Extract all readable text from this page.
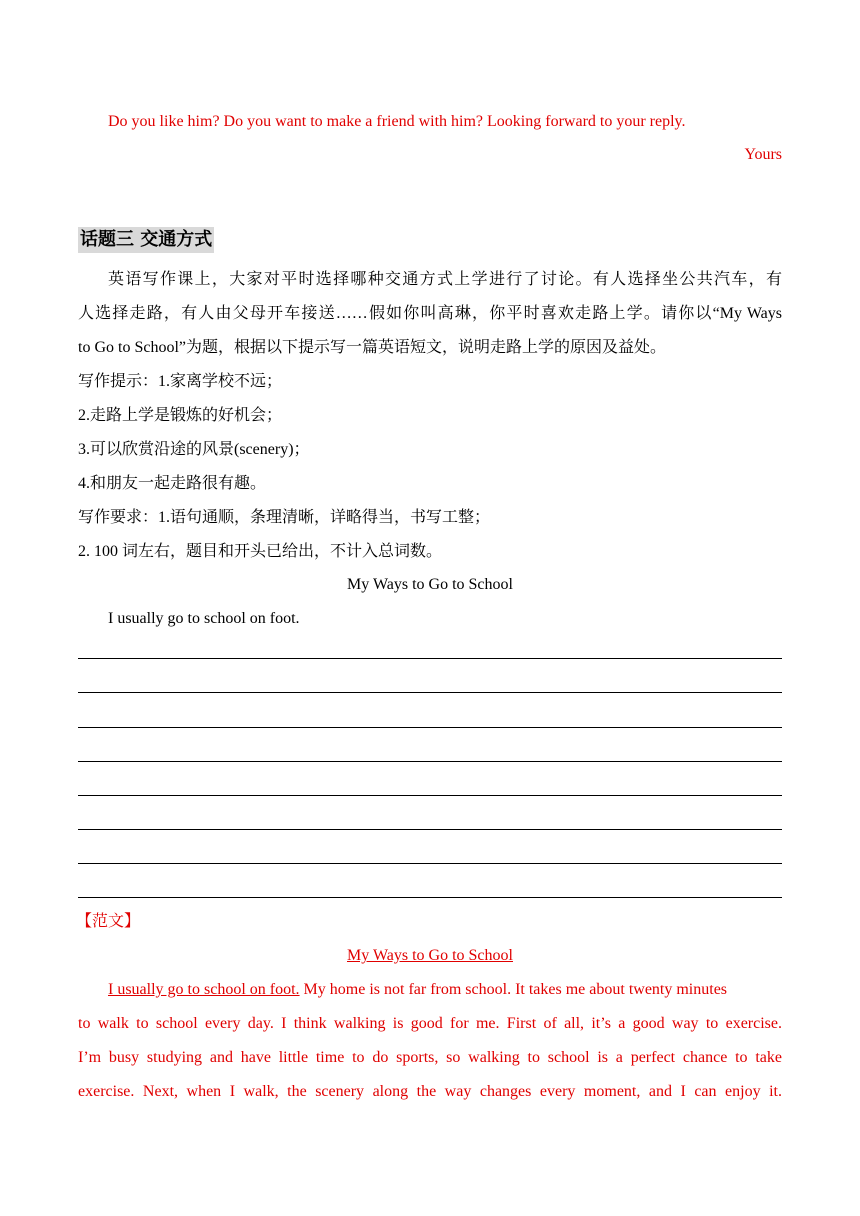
Do you like him? Do you want to make a friend with him? Looking forward to your reply.
Yours
话题三 交通方式
英语写作课上，大家对平时选择哪种交通方式上学进行了讨论。有人选择坐公共汽车，有
人选择走路，有人由父母开车接送……假如你叫高琳，你平时喜欢走路上学。请你以“My Ways
to Go to School”为题，根据以下提示写一篇英语短文，说明走路上学的原因及益处。
写作提示：1.家离学校不远；
2.走路上学是锻炼的好机会；
3.可以欣赏沿途的风景(scenery)；
4.和朋友一起走路很有趣。
写作要求：1.语句通顺，条理清晰，详略得当，书写工整；
2. 100 词左右，题目和开头已给出，不计入总词数。
My Ways to Go to School
I usually go to school on foot.
【范文】
My Ways to Go to School
I usually go to school on foot. My home is not far from school. It takes me about twenty minutes
to walk to school every day. I think walking is good for me. First of all, it’s a good way to exercise.
I’m busy studying and have little time to do sports, so walking to school is a perfect chance to take
exercise. Next, when I walk, the scenery along the way changes every moment, and I can enjoy it.
